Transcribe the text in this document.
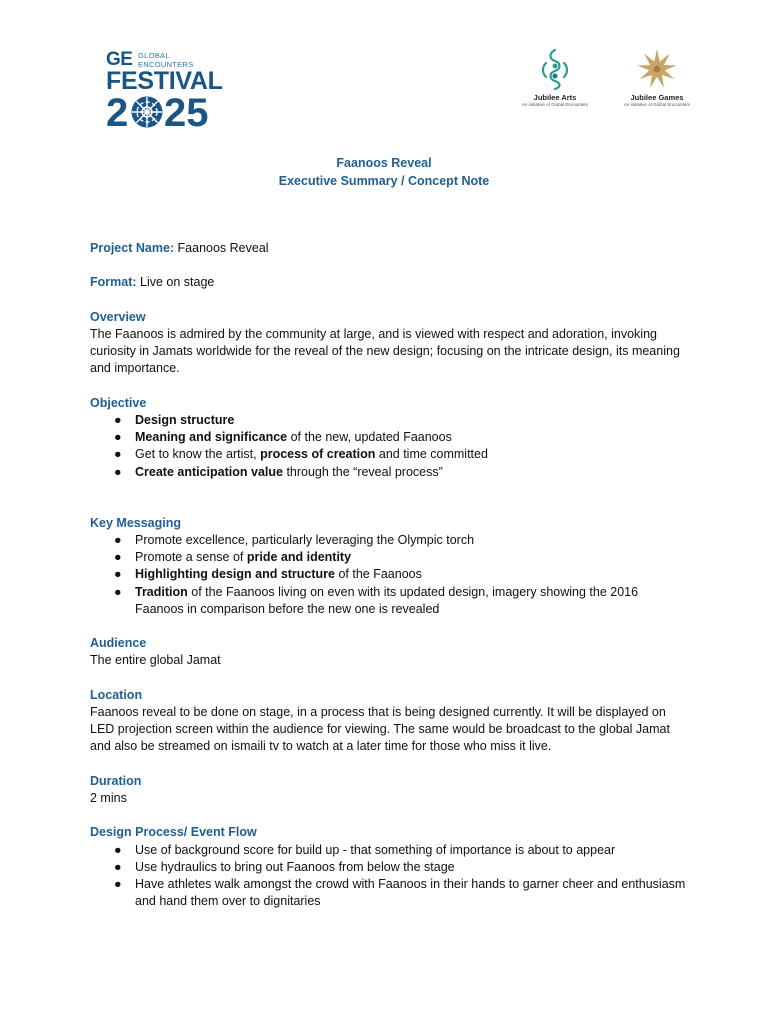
GE GLOBAL
ENCOUNTERS
FESTIVAL
2 25	Jubilee Arts
An initiative of Global Encounters
Jubilee Games
An initiative of Global Encounters
Faanoos Reveal
Executive Summary / Concept Note

Project Name: Faanoos Reveal

Format: Live on stage

Overview

The Faanoos is admired by the community at large, and is viewed with respect and adoration, invoking curiosity in Jamats worldwide for the reveal of the new design; focusing on the intricate design, its meaning and importance.

Objective

● Design structure
● Meaning and significance of the new, updated Faanoos
● Get to know the artist, process of creation and time committed
● Create anticipation value through the “reveal process”

Key Messaging

● Promote excellence, particularly leveraging the Olympic torch
● Promote a sense of pride and identity
● Highlighting design and structure of the Faanoos
● Tradition of the Faanoos living on even with its updated design, imagery showing the 2016 Faanoos in comparison before the new one is revealed

Audience

The entire global Jamat

Location

Faanoos reveal to be done on stage, in a process that is being designed currently. It will be displayed on LED projection screen within the audience for viewing. The same would be broadcast to the global Jamat and also be streamed on ismaili tv to watch at a later time for those who miss it live.

Duration

2 mins

Design Process/ Event Flow

● Use of background score for build up - that something of importance is about to appear
● Use hydraulics to bring out Faanoos from below the stage
● Have athletes walk amongst the crowd with Faanoos in their hands to garner cheer and enthusiasm and hand them over to dignitaries
